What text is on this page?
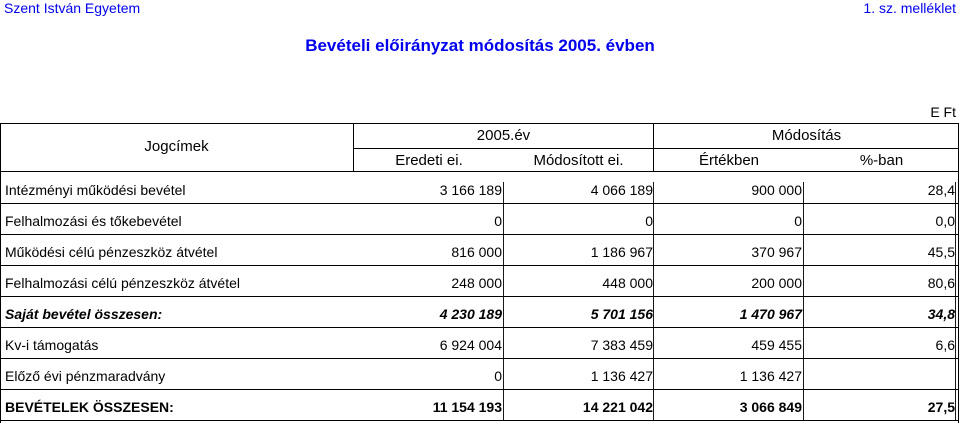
Szent István Egyetem	1. sz. melléklet
Bevételi előirányzat módosítás 2005. évben
E Ft
Jogcímek
2005.év	Módosítás
Eredeti ei.	Módosított ei.	Értékben	%-ban
Intézményi működési bevétel	3 166 189	4 066 189	900 000	28,4
Felhalmozási és tőkebevétel	0	0	0	0,0
Működési célú pénzeszköz átvétel	816 000	1 186 967	370 967	45,5
Felhalmozási célú pénzeszköz átvétel	248 000	448 000	200 000	80,6
Saját bevétel összesen:	4 230 189	5 701 156	1 470 967	34,8
Kv-i támogatás	6 924 004	7 383 459	459 455	6,6
Előző évi pénzmaradvány	0	1 136 427	1 136 427
BEVÉTELEK ÖSSZESEN:	11 154 193	14 221 042	3 066 849	27,5
